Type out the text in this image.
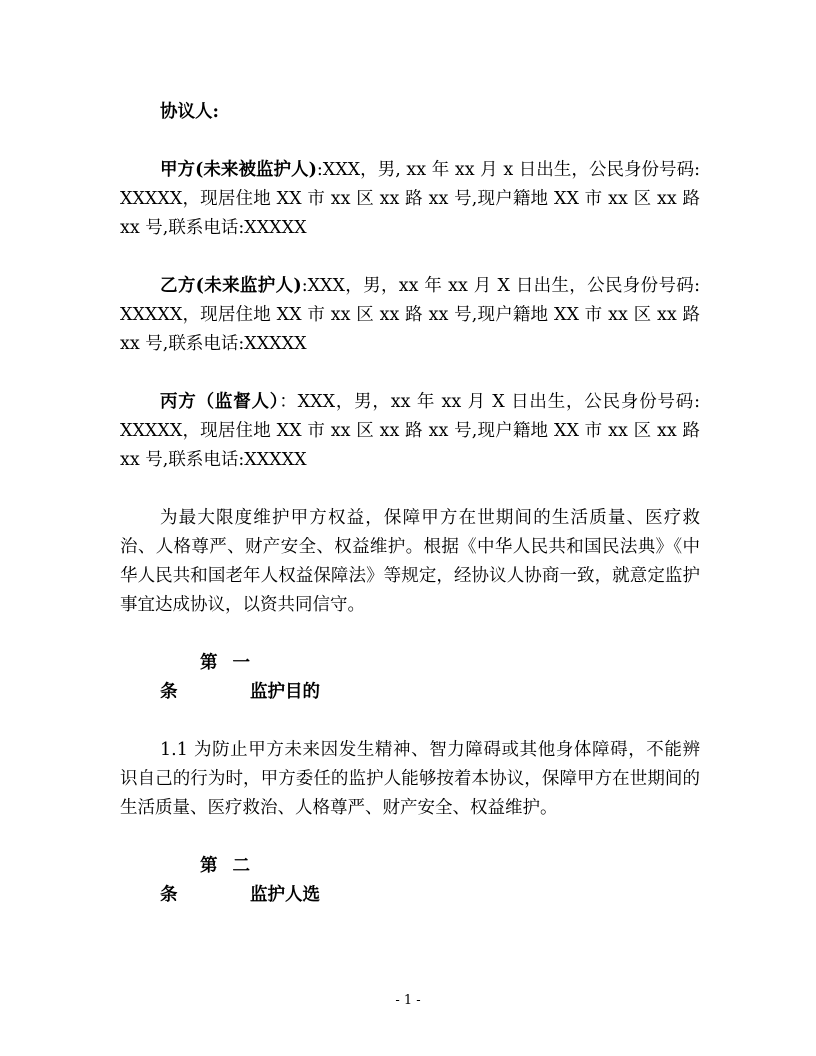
协议人:

甲方(未来被监护人):XXX，男, xx 年 xx 月 x 日出生，公民身份号码: XXXXX，现居住地 XX 市 xx 区 xx 路 xx 号,现户籍地 XX 市 xx 区 xx 路 xx 号,联系电话:XXXXX

乙方(未来监护人):XXX，男，xx 年 xx 月 X 日出生，公民身份号码: XXXXX，现居住地 XX 市 xx 区 xx 路 xx 号,现户籍地 XX 市 xx 区 xx 路 xx 号,联系电话:XXXXX

丙方（监督人）：XXX，男，xx 年 xx 月 X 日出生，公民身份号码: XXXXX，现居住地 XX 市 xx 区 xx 路 xx 号,现户籍地 XX 市 xx 区 xx 路 xx 号,联系电话:XXXXX

为最大限度维护甲方权益，保障甲方在世期间的生活质量、医疗救治、人格尊严、财产安全、权益维护。根据《中华人民共和国民法典》《中华人民共和国老年人权益保障法》等规定，经协议人协商一致，就意定监护事宜达成协议，以资共同信守。

第一条	监护目的

1.1 为防止甲方未来因发生精神、智力障碍或其他身体障碍，不能辨识自己的行为时，甲方委任的监护人能够按着本协议，保障甲方在世期间的生活质量、医疗救治、人格尊严、财产安全、权益维护。

第二条	监护人选

- 1 -
